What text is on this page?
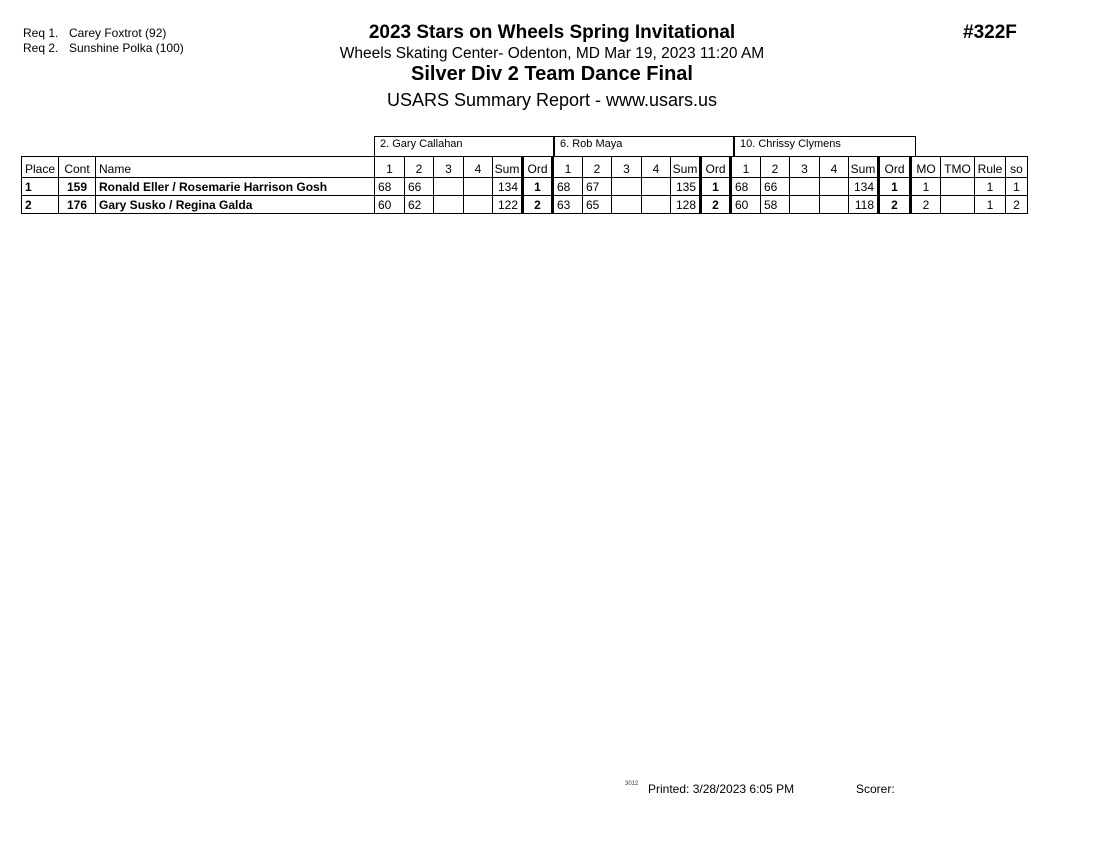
Req 1. Carey Foxtrot (92)
Req 2. Sunshine Polka (100)
2023 Stars on Wheels Spring Invitational
Wheels Skating Center- Odenton, MD Mar 19, 2023 11:20 AM
Silver Div 2 Team Dance Final
USARS Summary Report - www.usars.us
#322F
2. Gary Callahan	6. Rob Maya	10. Chrissy Clymens
Place	Cont	Name	1	2	3	4	Sum	Ord	1	2	3	4	Sum	Ord	1	2	3	4	Sum	Ord	MO	TMO	Rule	so
1	159	Ronald Eller / Rosemarie Harrison Gosh	68	66			134	1	68	67			135	1	68	66			134	1	1		1	1
2	176	Gary Susko / Regina Galda	60	62			122	2	63	65			128	2	60	58			118	2	2		1	2
3012 Printed: 3/28/2023 6:05 PM	Scorer:
